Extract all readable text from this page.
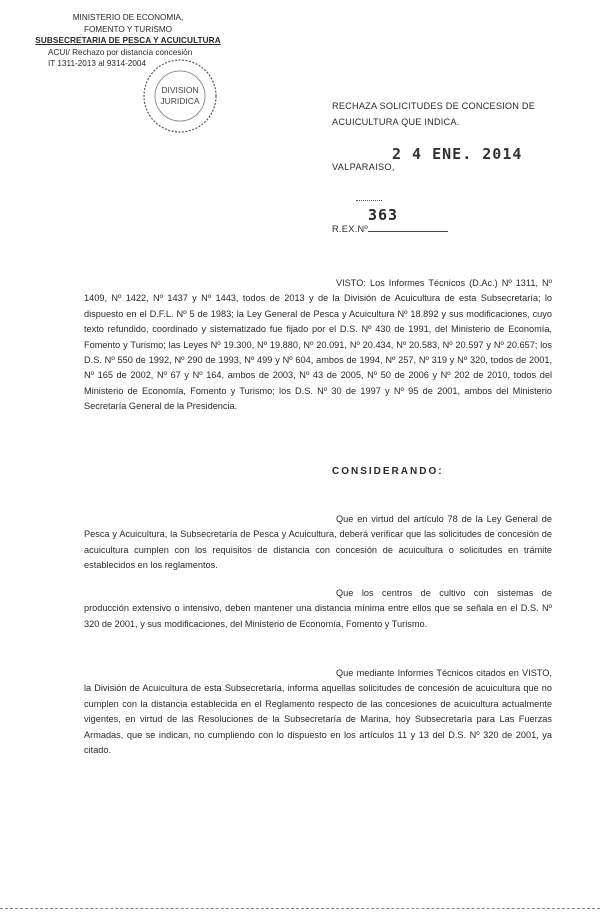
MINISTERIO DE ECONOMIA,
FOMENTO Y TURISMO
SUBSECRETARIA DE PESCA Y ACUICULTURA
ACUI/ Rechazo por distancia concesión
IT 1311-2013 al 9314-2004
DIVISION
JURIDICA	RECHAZA SOLICITUDES DE CONCESION DE ACUICULTURA QUE INDICA.
2 4 ENE. 2014
VALPARAISO,
363
R.EX.Nº
VISTO: Los Informes Técnicos (D.Ac.) Nº 1311, Nº 1409, Nº 1422, Nº 1437 y Nº 1443, todos de 2013 y de la División de Acuicultura de esta Subsecretaría; lo dispuesto en el D.F.L. Nº 5 de 1983; la Ley General de Pesca y Acuicultura Nº 18.892 y sus modificaciones, cuyo texto refundido, coordinado y sistematizado fue fijado por el D.S. Nº 430 de 1991, del Ministerio de Economía, Fomento y Turismo; las Leyes Nº 19.300, Nº 19.880, Nº 20.091, Nº 20.434, Nº 20.583, Nº 20.597 y Nº 20.657; los D.S. Nº 550 de 1992, Nº 290 de 1993, Nº 499 y Nº 604, ambos de 1994, Nº 257, Nº 319 y Nº 320, todos de 2001, Nº 165 de 2002, Nº 67 y Nº 164, ambos de 2003, Nº 43 de 2005, Nº 50 de 2006 y Nº 202 de 2010, todos del Ministerio de Economía, Fomento y Turismo; los D.S. Nº 30 de 1997 y Nº 95 de 2001, ambos del Ministerio Secretaría General de la Presidencia.
CONSIDERANDO:
Que en virtud del artículo 78 de la Ley General de Pesca y Acuicultura, la Subsecretaría de Pesca y Acuicultura, deberá verificar que las solicitudes de concesión de acuicultura cumplen con los requisitos de distancia con concesión de acuicultura o solicitudes en trámite establecidos en los reglamentos.
Que los centros de cultivo con sistemas de producción extensivo o intensivo, deben mantener una distancia mínima entre ellos que se señala en el D.S. Nº 320 de 2001, y sus modificaciones, del Ministerio de Economía, Fomento y Turismo.
Que mediante Informes Técnicos citados en VISTO, la División de Acuicultura de esta Subsecretaría, informa aquellas solicitudes de concesión de acuicultura que no cumplen con la distancia establecida en el Reglamento respecto de las concesiones de acuicultura actualmente vigentes, en virtud de las Resoluciones de la Subsecretaría de Marina, hoy Subsecretaría para Las Fuerzas Armadas, que se indican, no cumpliendo con lo dispuesto en los artículos 11 y 13 del D.S. Nº 320 de 2001, ya citado.
